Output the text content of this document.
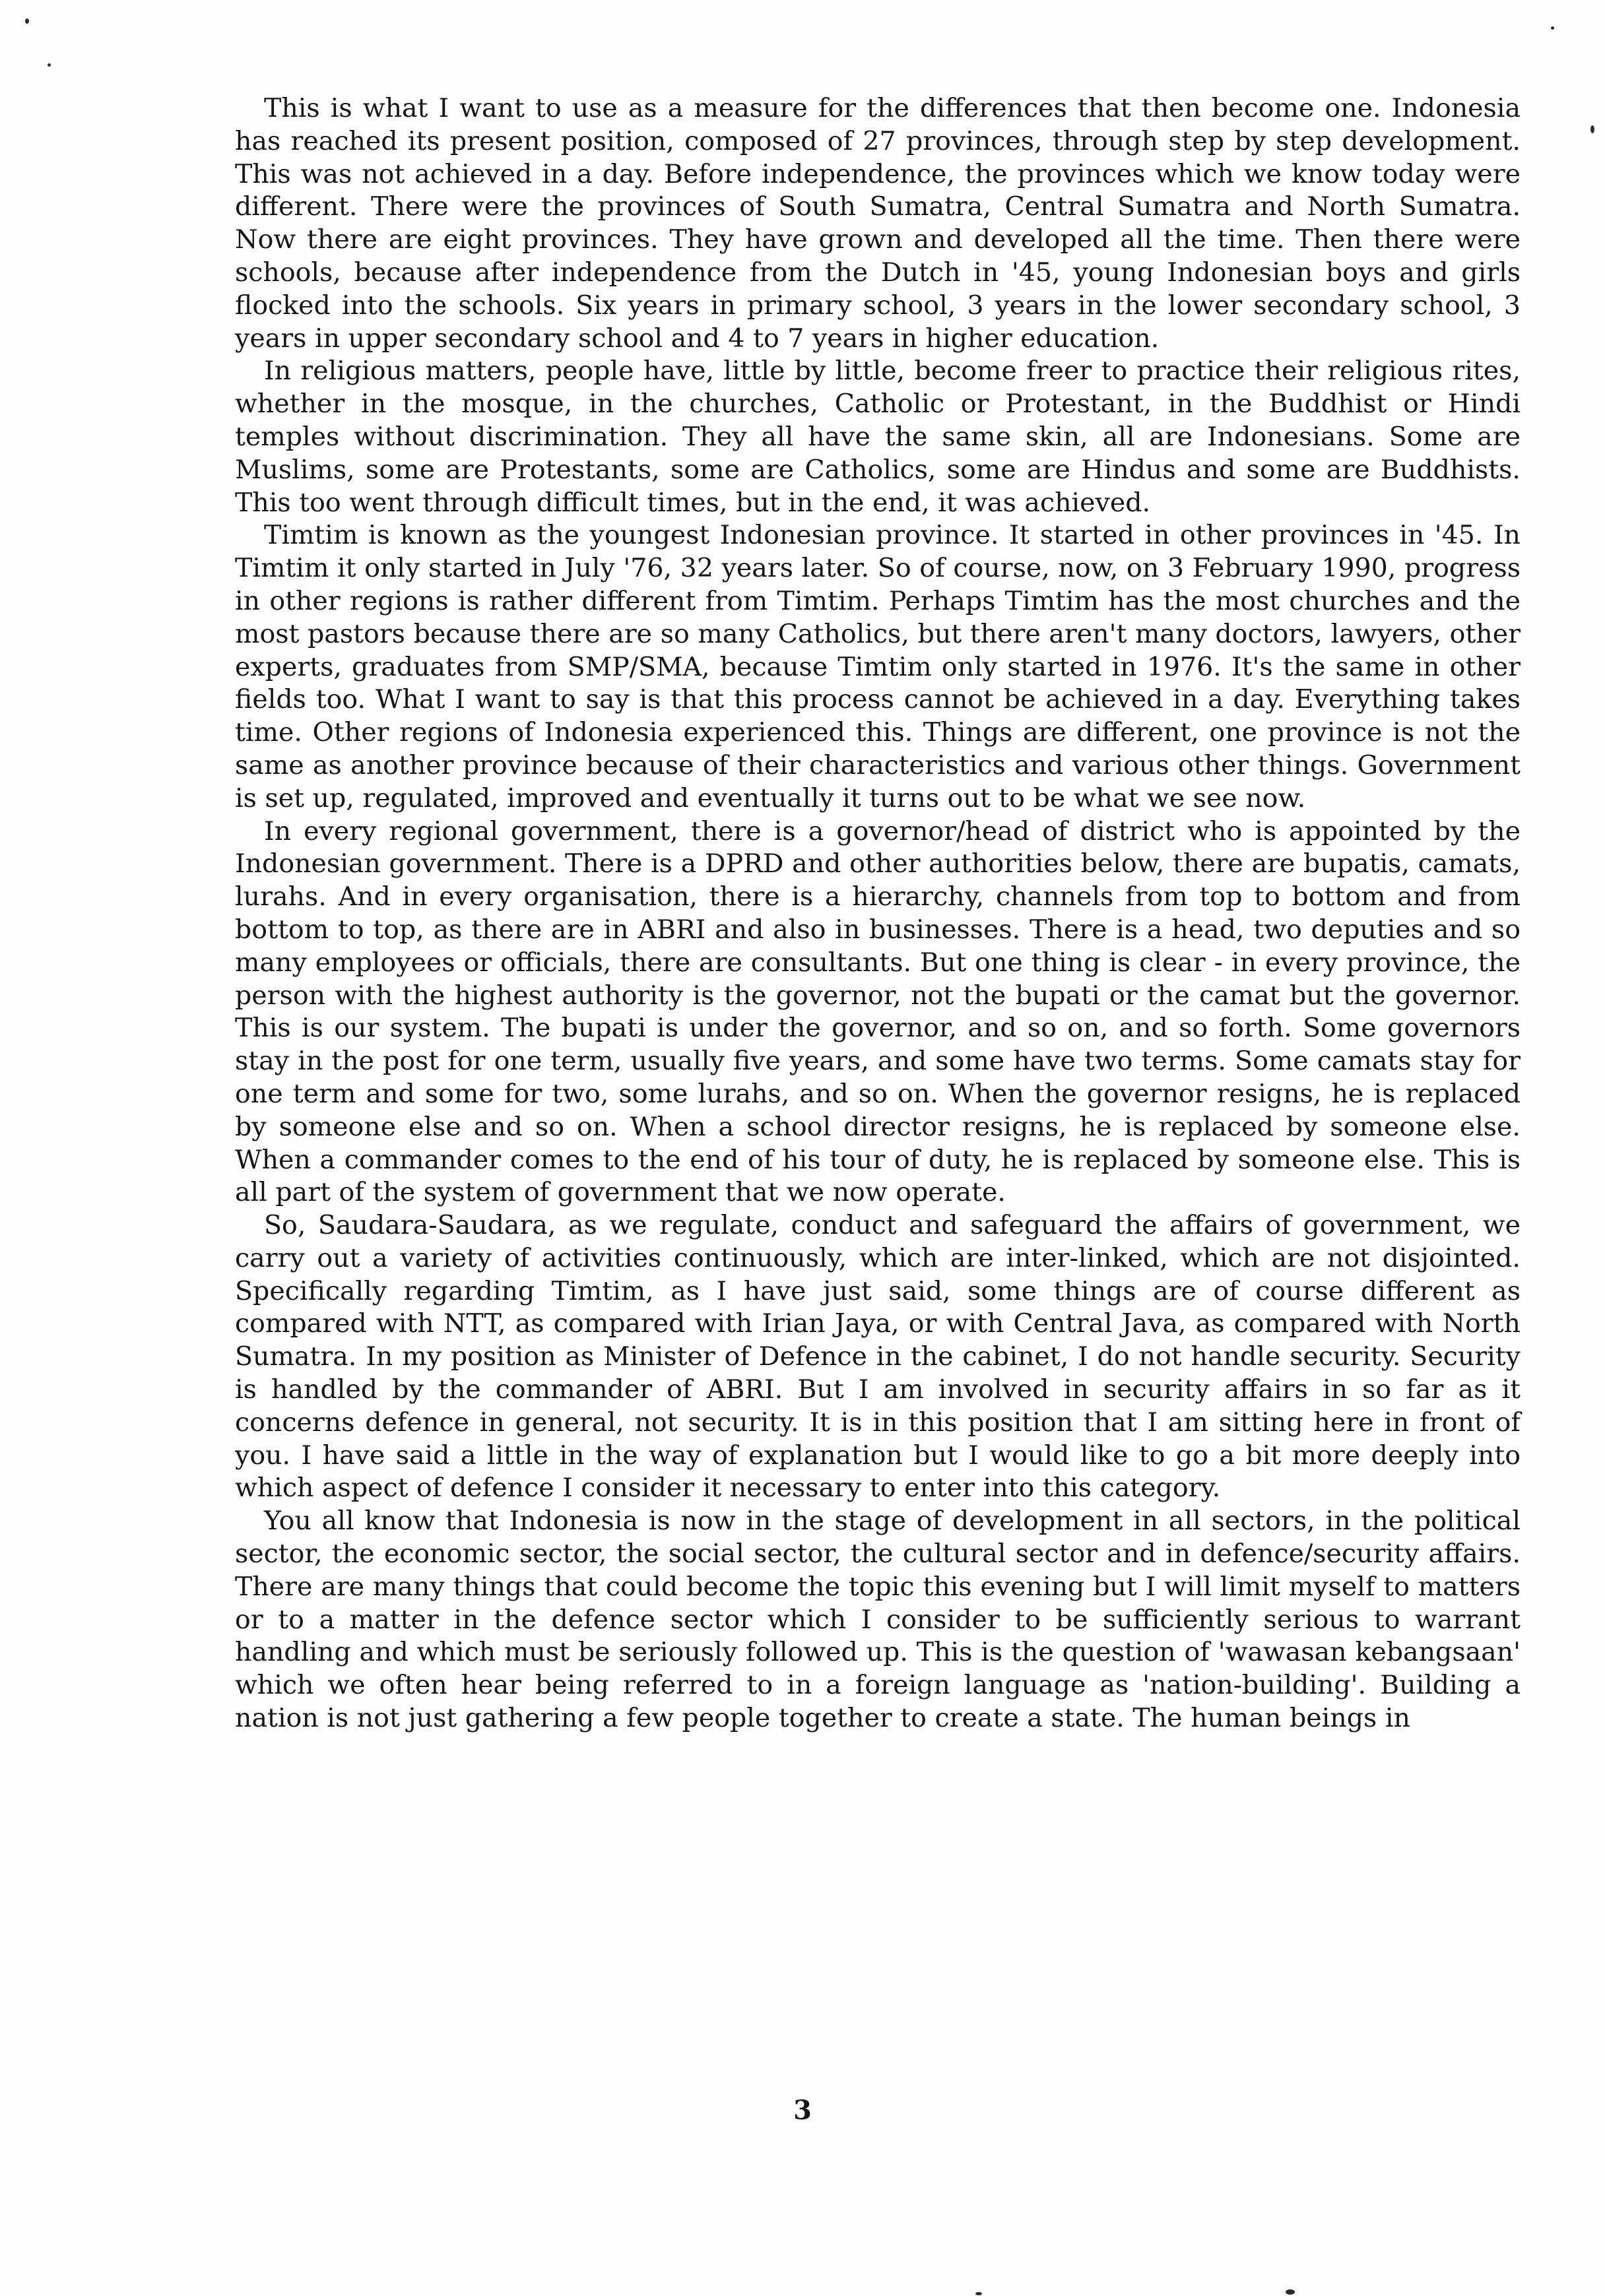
This is what I want to use as a measure for the differences that then become one. Indonesia has reached its present position, composed of 27 provinces, through step by step development. This was not achieved in a day. Before independence, the provinces which we know today were different. There were the provinces of South Sumatra, Central Sumatra and North Sumatra. Now there are eight provinces. They have grown and developed all the time. Then there were schools, because after independence from the Dutch in '45, young Indonesian boys and girls flocked into the schools. Six years in primary school, 3 years in the lower secondary school, 3 years in upper secondary school and 4 to 7 years in higher education.

In religious matters, people have, little by little, become freer to practice their religious rites, whether in the mosque, in the churches, Catholic or Protestant, in the Buddhist or Hindi temples without discrimination. They all have the same skin, all are Indonesians. Some are Muslims, some are Protestants, some are Catholics, some are Hindus and some are Buddhists. This too went through difficult times, but in the end, it was achieved.

Timtim is known as the youngest Indonesian province. It started in other provinces in '45. In Timtim it only started in July '76, 32 years later. So of course, now, on 3 February 1990, progress in other regions is rather different from Timtim. Perhaps Timtim has the most churches and the most pastors because there are so many Catholics, but there aren't many doctors, lawyers, other experts, graduates from SMP/SMA, because Timtim only started in 1976. It's the same in other fields too. What I want to say is that this process cannot be achieved in a day. Everything takes time. Other regions of Indonesia experienced this. Things are different, one province is not the same as another province because of their characteristics and various other things. Government is set up, regulated, improved and eventually it turns out to be what we see now.

In every regional government, there is a governor/head of district who is appointed by the Indonesian government. There is a DPRD and other authorities below, there are bupatis, camats, lurahs. And in every organisation, there is a hierarchy, channels from top to bottom and from bottom to top, as there are in ABRI and also in businesses. There is a head, two deputies and so many employees or officials, there are consultants. But one thing is clear - in every province, the person with the highest authority is the governor, not the bupati or the camat but the governor. This is our system. The bupati is under the governor, and so on, and so forth. Some governors stay in the post for one term, usually five years, and some have two terms. Some camats stay for one term and some for two, some lurahs, and so on. When the governor resigns, he is replaced by someone else and so on. When a school director resigns, he is replaced by someone else. When a commander comes to the end of his tour of duty, he is replaced by someone else. This is all part of the system of government that we now operate.

So, Saudara-Saudara, as we regulate, conduct and safeguard the affairs of government, we carry out a variety of activities continuously, which are inter-linked, which are not disjointed. Specifically regarding Timtim, as I have just said, some things are of course different as compared with NTT, as compared with Irian Jaya, or with Central Java, as compared with North Sumatra. In my position as Minister of Defence in the cabinet, I do not handle security. Security is handled by the commander of ABRI. But I am involved in security affairs in so far as it concerns defence in general, not security. It is in this position that I am sitting here in front of you. I have said a little in the way of explanation but I would like to go a bit more deeply into which aspect of defence I consider it necessary to enter into this category.

You all know that Indonesia is now in the stage of development in all sectors, in the political sector, the economic sector, the social sector, the cultural sector and in defence/security affairs. There are many things that could become the topic this evening but I will limit myself to matters or to a matter in the defence sector which I consider to be sufficiently serious to warrant handling and which must be seriously followed up. This is the question of 'wawasan kebangsaan' which we often hear being referred to in a foreign language as 'nation-building'. Building a nation is not just gathering a few people together to create a state. The human beings in

3
